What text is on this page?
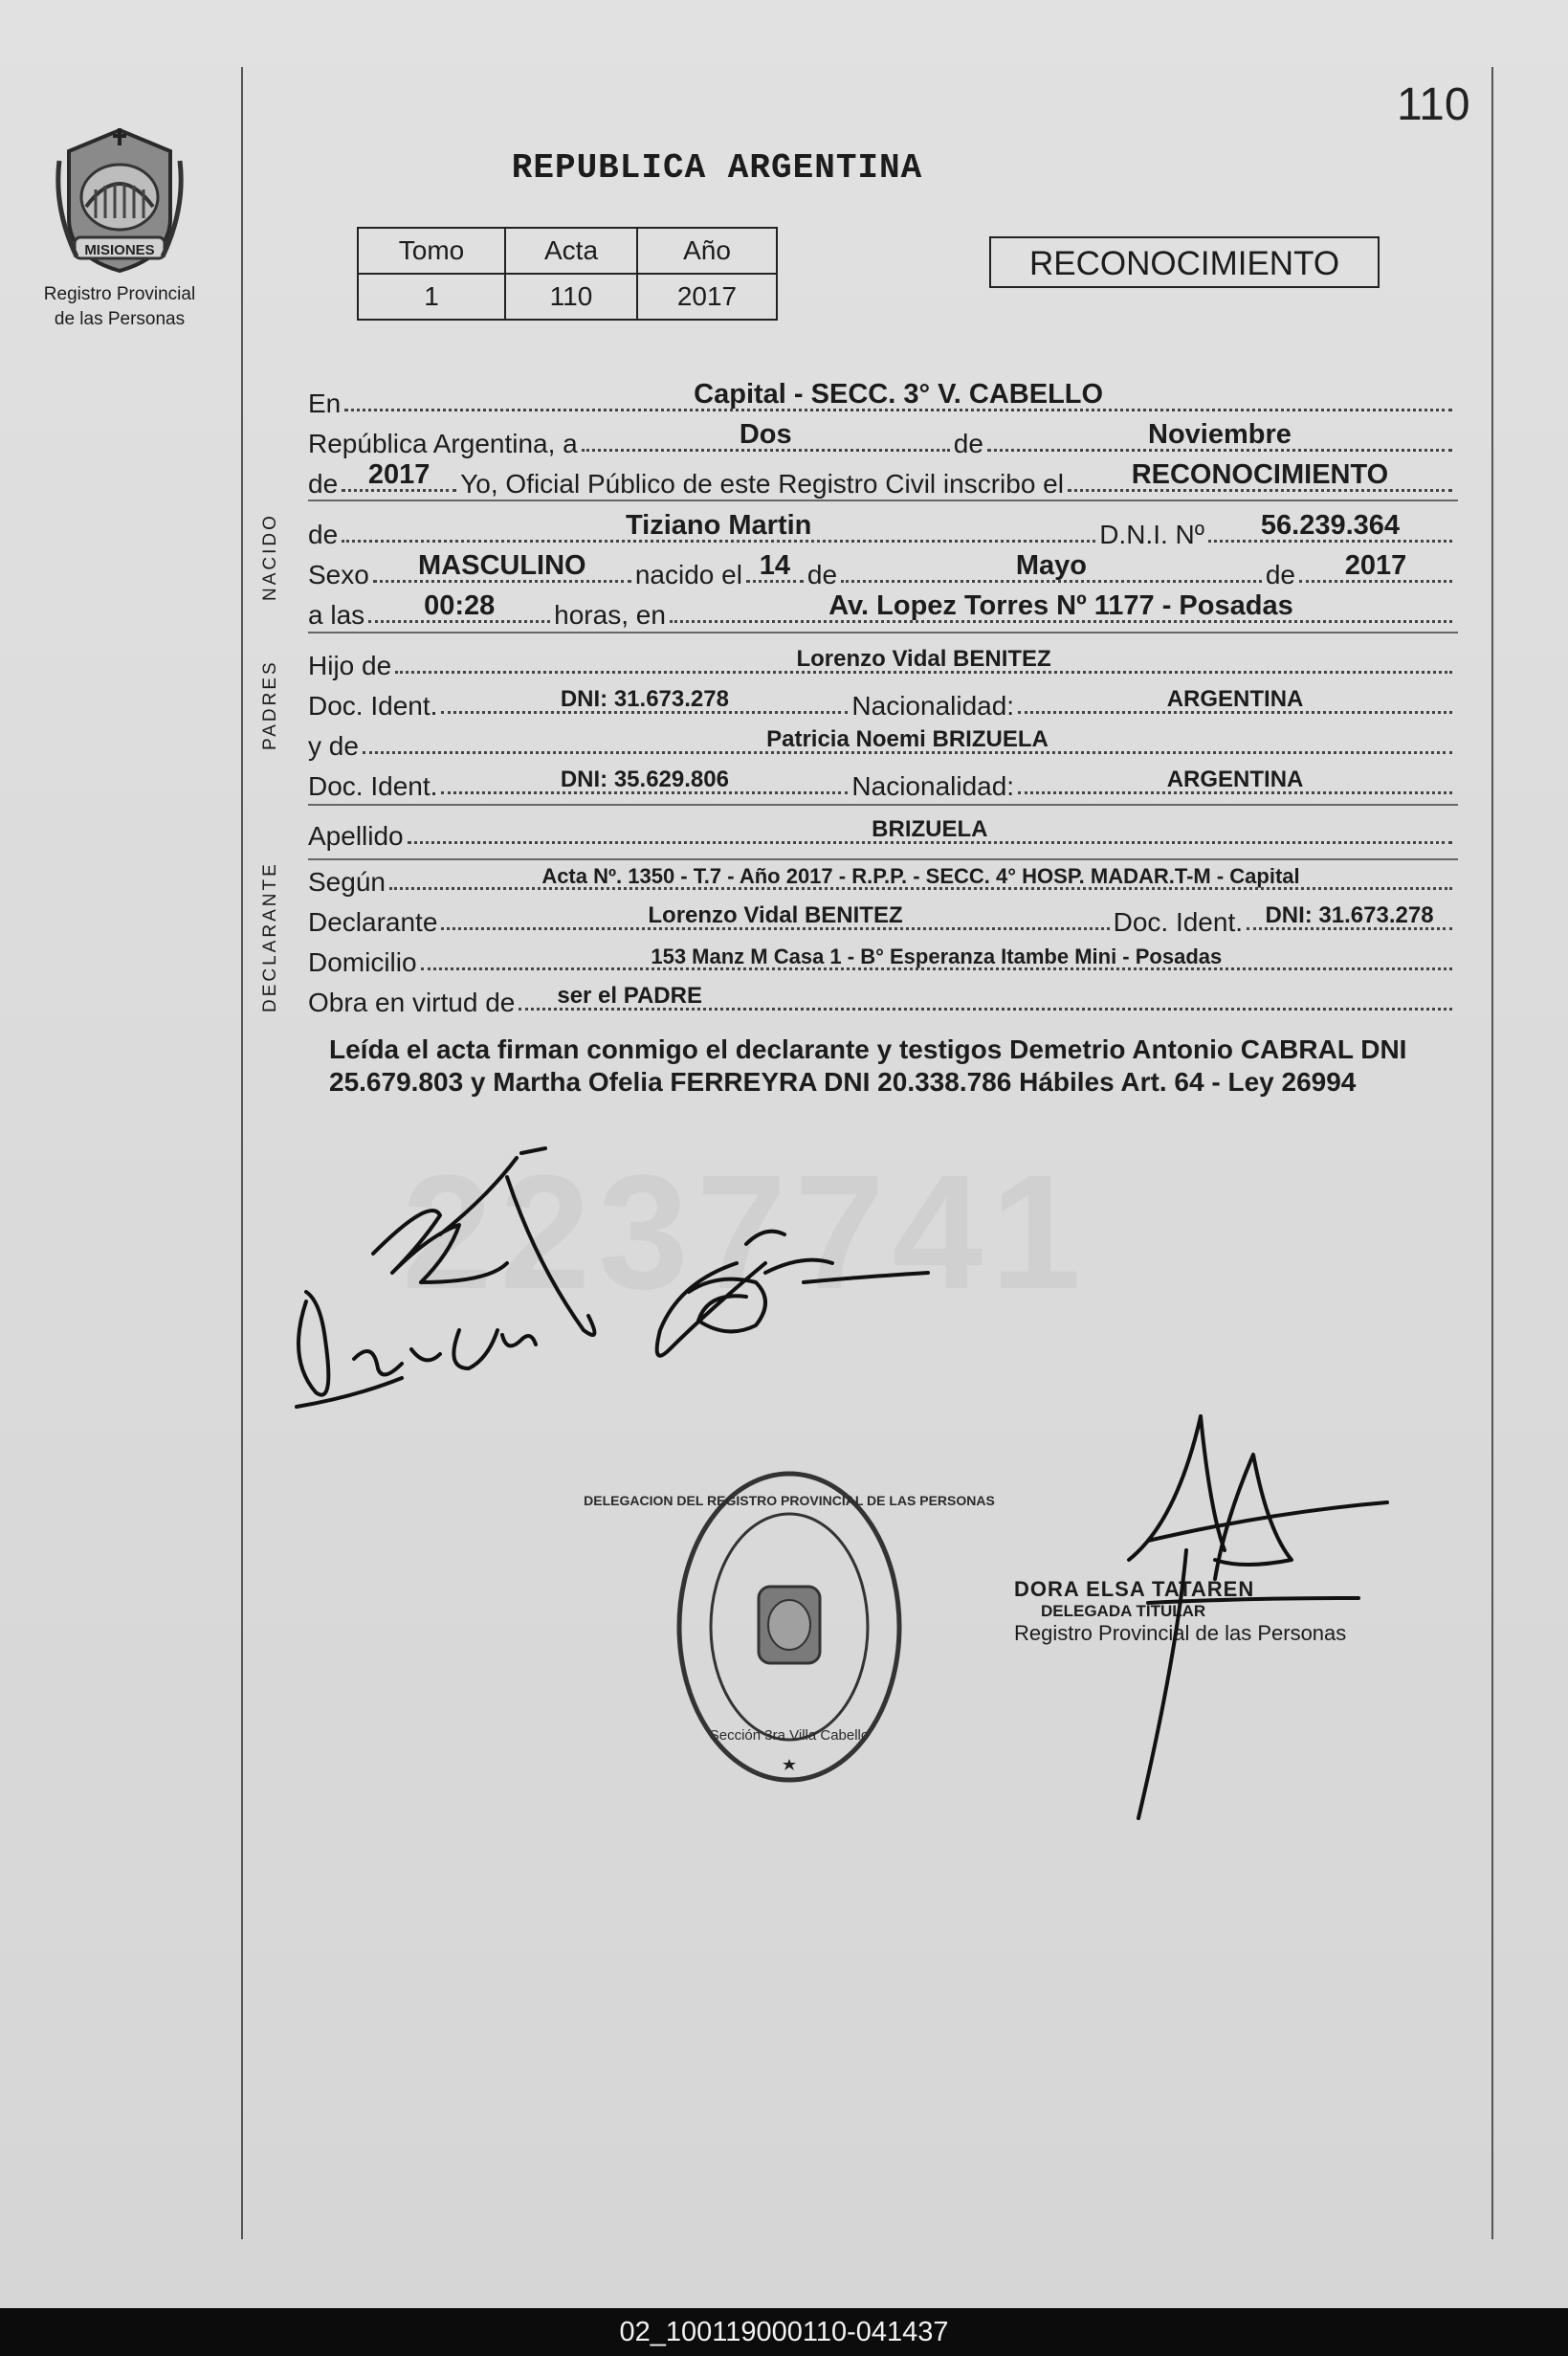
110
MISIONES
Registro Provincial
de las Personas
REPUBLICA ARGENTINA
Tomo	Acta	Año
1	110	2017
RECONOCIMIENTO
En	Capital - SECC. 3° V. CABELLO
República Argentina, a	Dos	de	Noviembre
de	2017	Yo, Oficial Público de este Registro Civil inscribo el	RECONOCIMIENTO
NACIDO de	Tiziano Martin	D.N.I. Nº	56.239.364
Sexo	MASCULINO	nacido el 14 de	Mayo	de	2017
a las	00:28	horas, en	Av. Lopez Torres Nº 1177 - Posadas
PADRES Hijo de	Lorenzo Vidal BENITEZ
Doc. Ident.	DNI: 31.673.278	Nacionalidad:	ARGENTINA
y de	Patricia Noemi BRIZUELA
Doc. Ident.	DNI: 35.629.806	Nacionalidad:	ARGENTINA
Apellido	BRIZUELA
DECLARANTE Según	Acta Nº. 1350 - T.7 - Año 2017 - R.P.P. - SECC. 4° HOSP. MADAR.T-M - Capital
Declarante	Lorenzo Vidal BENITEZ	Doc. Ident. DNI: 31.673.278
Domicilio	153 Manz M Casa 1 - B° Esperanza Itambe Mini - Posadas
Obra en virtud de	ser el PADRE
Leída el acta firman conmigo el declarante y testigos Demetrio Antonio CABRAL DNI 25.679.803 y Martha Ofelia FERREYRA DNI 20.338.786 Hábiles Art. 64 - Ley 26994
2237741
DELEGACION DEL REGISTRO PROVINCIAL DE LAS PERSONAS
Sección 3ra Villa Cabello
DORA ELSA TATAREN
DELEGADA TITULAR
Registro Provincial de las Personas
02_100119000110-041437
